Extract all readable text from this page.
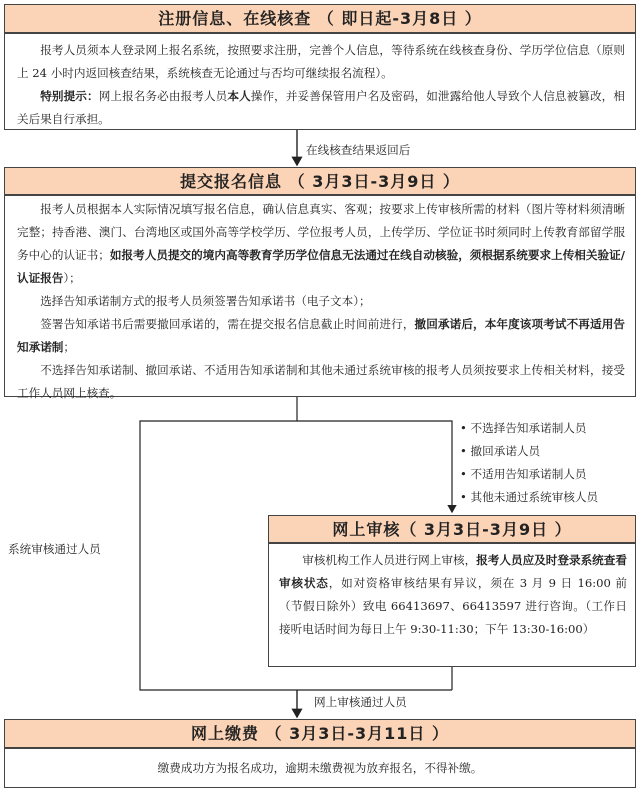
注册信息、在线核查 （ 即日起-3月8日 ）

报考人员须本人登录网上报名系统，按照要求注册，完善个人信息，等待系统在线核查身份、学历学位信息（原则上 24 小时内返回核查结果，系统核查无论通过与否均可继续报名流程）。

特别提示：网上报名务必由报考人员本人操作，并妥善保管用户名及密码，如泄露给他人导致个人信息被篡改，相关后果自行承担。

在线核查结果返回后
提交报名信息 （ 3月3日-3月9日 ）

报考人员根据本人实际情况填写报名信息，确认信息真实、客观；按要求上传审核所需的材料（图片等材料须清晰完整；持香港、澳门、台湾地区或国外高等学校学历、学位报考人员，上传学历、学位证书时须同时上传教育部留学服务中心的认证书；如报考人员提交的境内高等教育学历学位信息无法通过在线自动核验，须根据系统要求上传相关验证/认证报告）；

选择告知承诺制方式的报考人员须签署告知承诺书（电子文本）；

签署告知承诺书后需要撤回承诺的，需在提交报名信息截止时间前进行，撤回承诺后，本年度该项考试不再适用告知承诺制；

不选择告知承诺制、撤回承诺、不适用告知承诺制和其他未通过系统审核的报考人员须按要求上传相关材料，接受工作人员网上核查。

• 不选择告知承诺制人员
• 撤回承诺人员
• 不适用告知承诺制人员
• 其他未通过系统审核人员
系统审核通过人员
网上审核（ 3月3日-3月9日 ）

审核机构工作人员进行网上审核，报考人员应及时登录系统查看审核状态，如对资格审核结果有异议，须在 3 月 9 日 16:00 前（节假日除外）致电 66413697、66413597 进行咨询。（工作日接听电话时间为每日上午 9:30-11:30；下午 13:30-16:00）

网上审核通过人员
网上缴费 （ 3月3日-3月11日 ）
缴费成功方为报名成功，逾期未缴费视为放弃报名，不得补缴。
